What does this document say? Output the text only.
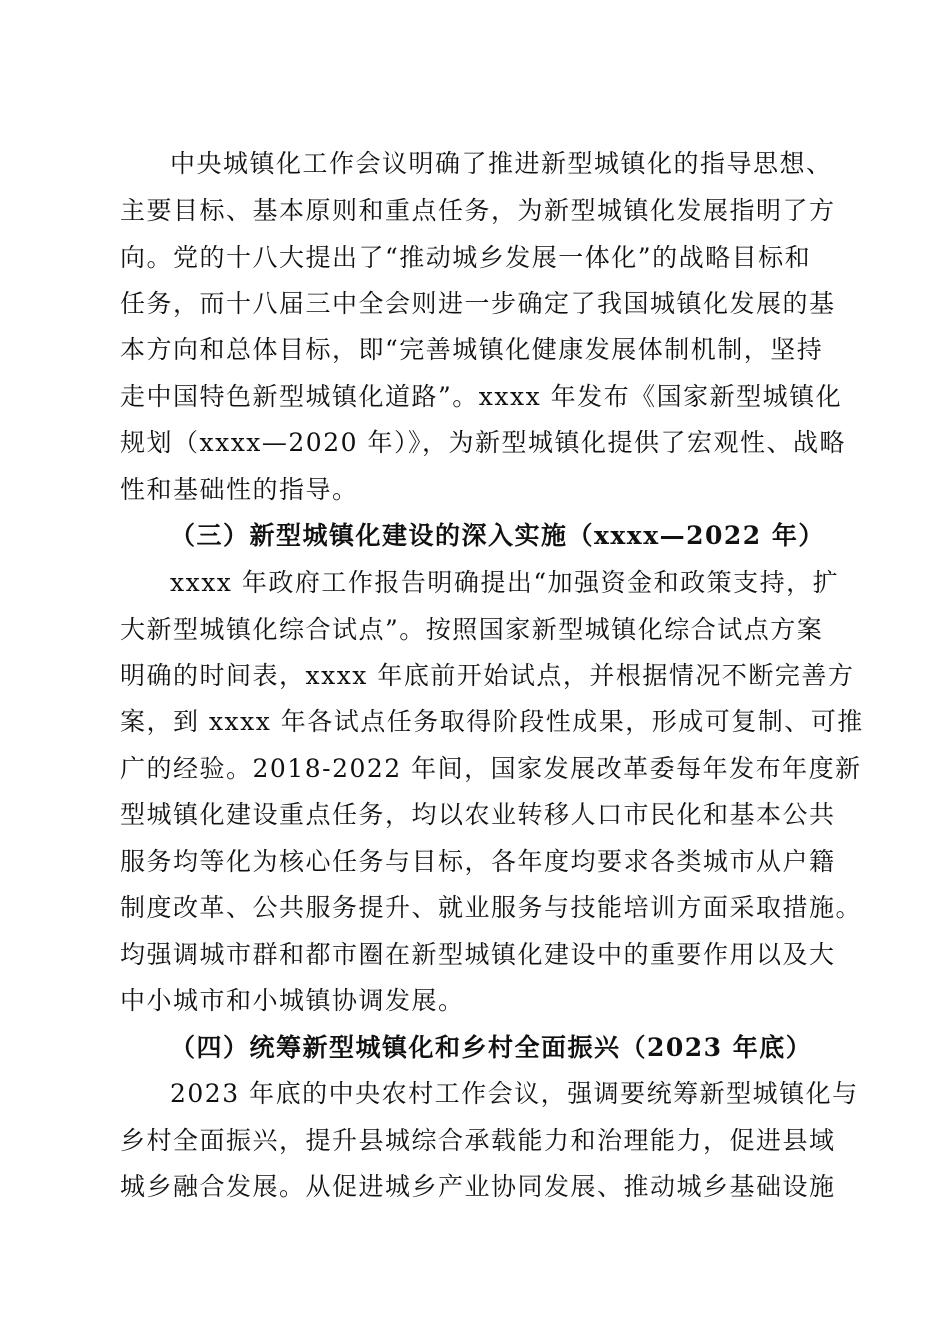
中央城镇化工作会议明确了推进新型城镇化的指导思想、
主要目标、基本原则和重点任务，为新型城镇化发展指明了方
向。党的十八大提出了“推动城乡发展一体化”的战略目标和
任务，而十八届三中全会则进一步确定了我国城镇化发展的基
本方向和总体目标，即“完善城镇化健康发展体制机制，坚持
走中国特色新型城镇化道路”。xxxx 年发布《国家新型城镇化
规划（xxxx—2020 年）》，为新型城镇化提供了宏观性、战略
性和基础性的指导。
（三）新型城镇化建设的深入实施（xxxx—2022 年）
xxxx 年政府工作报告明确提出“加强资金和政策支持，扩
大新型城镇化综合试点”。按照国家新型城镇化综合试点方案
明确的时间表，xxxx 年底前开始试点，并根据情况不断完善方
案，到 xxxx 年各试点任务取得阶段性成果，形成可复制、可推
广的经验。2018-2022 年间，国家发展改革委每年发布年度新
型城镇化建设重点任务，均以农业转移人口市民化和基本公共
服务均等化为核心任务与目标，各年度均要求各类城市从户籍
制度改革、公共服务提升、就业服务与技能培训方面采取措施。
均强调城市群和都市圈在新型城镇化建设中的重要作用以及大
中小城市和小城镇协调发展。
（四）统筹新型城镇化和乡村全面振兴（2023 年底）
2023 年底的中央农村工作会议，强调要统筹新型城镇化与
乡村全面振兴，提升县城综合承载能力和治理能力，促进县域
城乡融合发展。从促进城乡产业协同发展、推动城乡基础设施
